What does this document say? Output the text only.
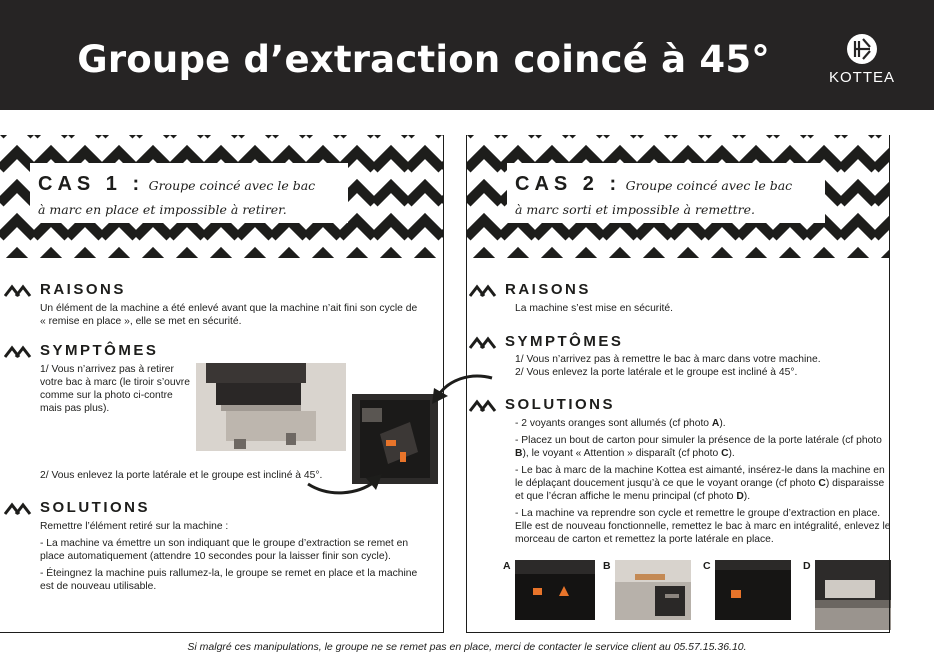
Groupe d’extraction coincé à 45°	KOTTEA
CAS 1 : Groupe coincé avec le bac
à marc en place et impossible à retirer.
RAISONS
Un élément de la machine a été enlevé avant que la machine n’ait fini son cycle de « remise en place », elle se met en sécurité.
SYMPTÔMES
1/ Vous n’arrivez pas à retirer votre bac à marc (le tiroir s’ouvre comme sur la photo ci-contre mais pas plus).
2/ Vous enlevez la porte latérale et le groupe est incliné à 45°.
SOLUTIONS

Remettre l’élément retiré sur la machine :

- La machine va émettre un son indiquant que le groupe d’extraction se remet en place automatiquement (attendre 10 secondes pour la laisser finir son cycle).

- Éteingnez la machine puis rallumez-la, le groupe se remet en place et la machine est de nouveau utilisable.

CAS 2 : Groupe coincé avec le bac
à marc sorti et impossible à remettre.
RAISONS
La machine s’est mise en sécurité.
SYMPTÔMES
1/ Vous n’arrivez pas à remettre le bac à marc dans votre machine.
2/ Vous enlevez la porte latérale et le groupe est incliné à 45°.
SOLUTIONS

- 2 voyants oranges sont allumés (cf photo A).

- Placez un bout de carton pour simuler la présence de la porte latérale (cf photo B), le voyant « Attention » disparaît (cf photo C).

- Le bac à marc de la machine Kottea est aimanté, insérez-le dans la machine en le déplaçant doucement jusqu’à ce que le voyant orange (cf photo C) disparaisse et que l’écran affiche le menu principal (cf photo D).

- La machine va reprendre son cycle et remettre le groupe d’extraction en place. Elle est de nouveau fonctionnelle, remettez le bac à marc en intégralité, enlevez le morceau de carton et remettez la porte latérale en place.

A	B	C	D
Si malgré ces manipulations, le groupe ne se remet pas en place, merci de contacter le service client au 05.57.15.36.10.
